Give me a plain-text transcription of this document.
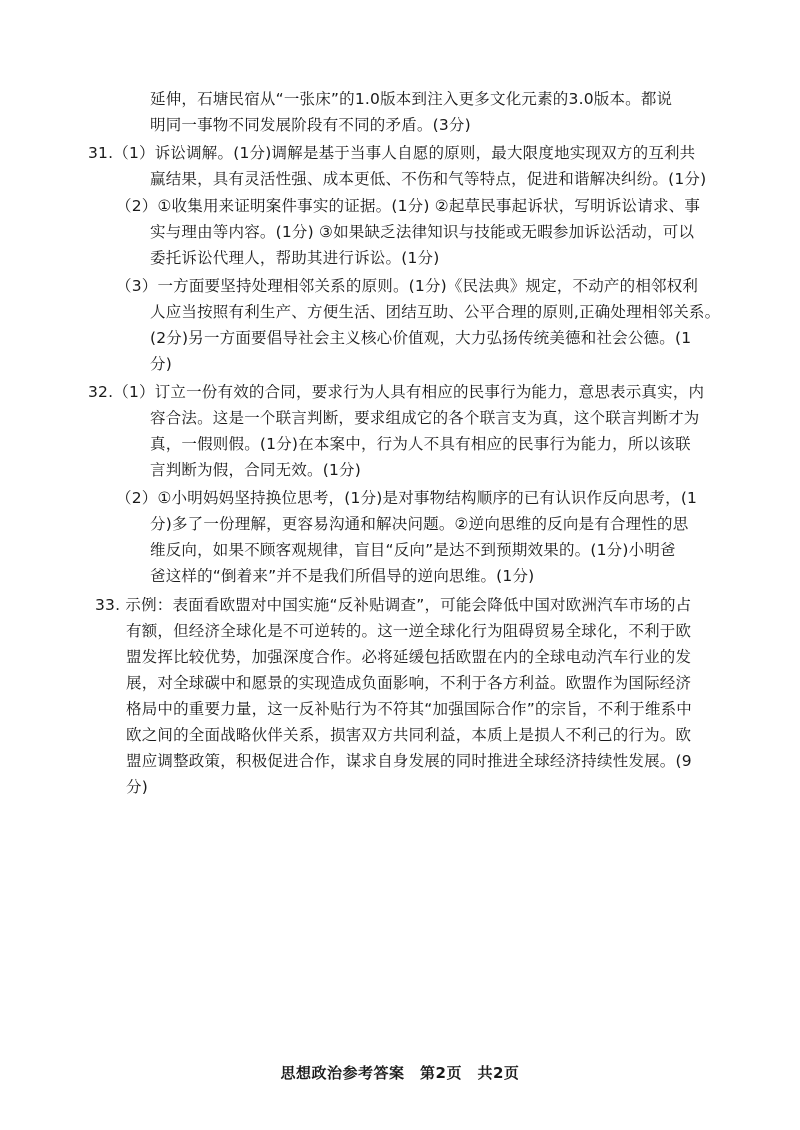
延伸，石塘民宿从“一张床”的1.0版本到注入更多文化元素的3.0版本。都说
明同一事物不同发展阶段有不同的矛盾。(3分)
31.（1）诉讼调解。(1分)调解是基于当事人自愿的原则，最大限度地实现双方的互利共
赢结果，具有灵活性强、成本更低、不伤和气等特点，促进和谐解决纠纷。(1分)
（2）①收集用来证明案件事实的证据。(1分) ②起草民事起诉状，写明诉讼请求、事
实与理由等内容。(1分) ③如果缺乏法律知识与技能或无暇参加诉讼活动，可以
委托诉讼代理人，帮助其进行诉讼。(1分)
（3）一方面要坚持处理相邻关系的原则。(1分)《民法典》规定，不动产的相邻权利
人应当按照有利生产、方便生活、团结互助、公平合理的原则,正确处理相邻关系。
(2分)另一方面要倡导社会主义核心价值观，大力弘扬传统美德和社会公德。(1
分)
32.（1）订立一份有效的合同，要求行为人具有相应的民事行为能力，意思表示真实，内
容合法。这是一个联言判断，要求组成它的各个联言支为真，这个联言判断才为
真，一假则假。(1分)在本案中，行为人不具有相应的民事行为能力，所以该联
言判断为假，合同无效。(1分)
（2）①小明妈妈坚持换位思考，(1分)是对事物结构顺序的已有认识作反向思考，(1
分)多了一份理解，更容易沟通和解决问题。②逆向思维的反向是有合理性的思
维反向，如果不顾客观规律，盲目“反向”是达不到预期效果的。(1分)小明爸
爸这样的“倒着来”并不是我们所倡导的逆向思维。(1分)
33. 示例：表面看欧盟对中国实施“反补贴调查”，可能会降低中国对欧洲汽车市场的占
有额，但经济全球化是不可逆转的。这一逆全球化行为阻碍贸易全球化，不利于欧
盟发挥比较优势，加强深度合作。必将延缓包括欧盟在内的全球电动汽车行业的发
展，对全球碳中和愿景的实现造成负面影响，不利于各方利益。欧盟作为国际经济
格局中的重要力量，这一反补贴行为不符其“加强国际合作”的宗旨，不利于维系中
欧之间的全面战略伙伴关系，损害双方共同利益，本质上是损人不利己的行为。欧
盟应调整政策，积极促进合作，谋求自身发展的同时推进全球经济持续性发展。(9
分)
思想政治参考答案　第2页　共2页
